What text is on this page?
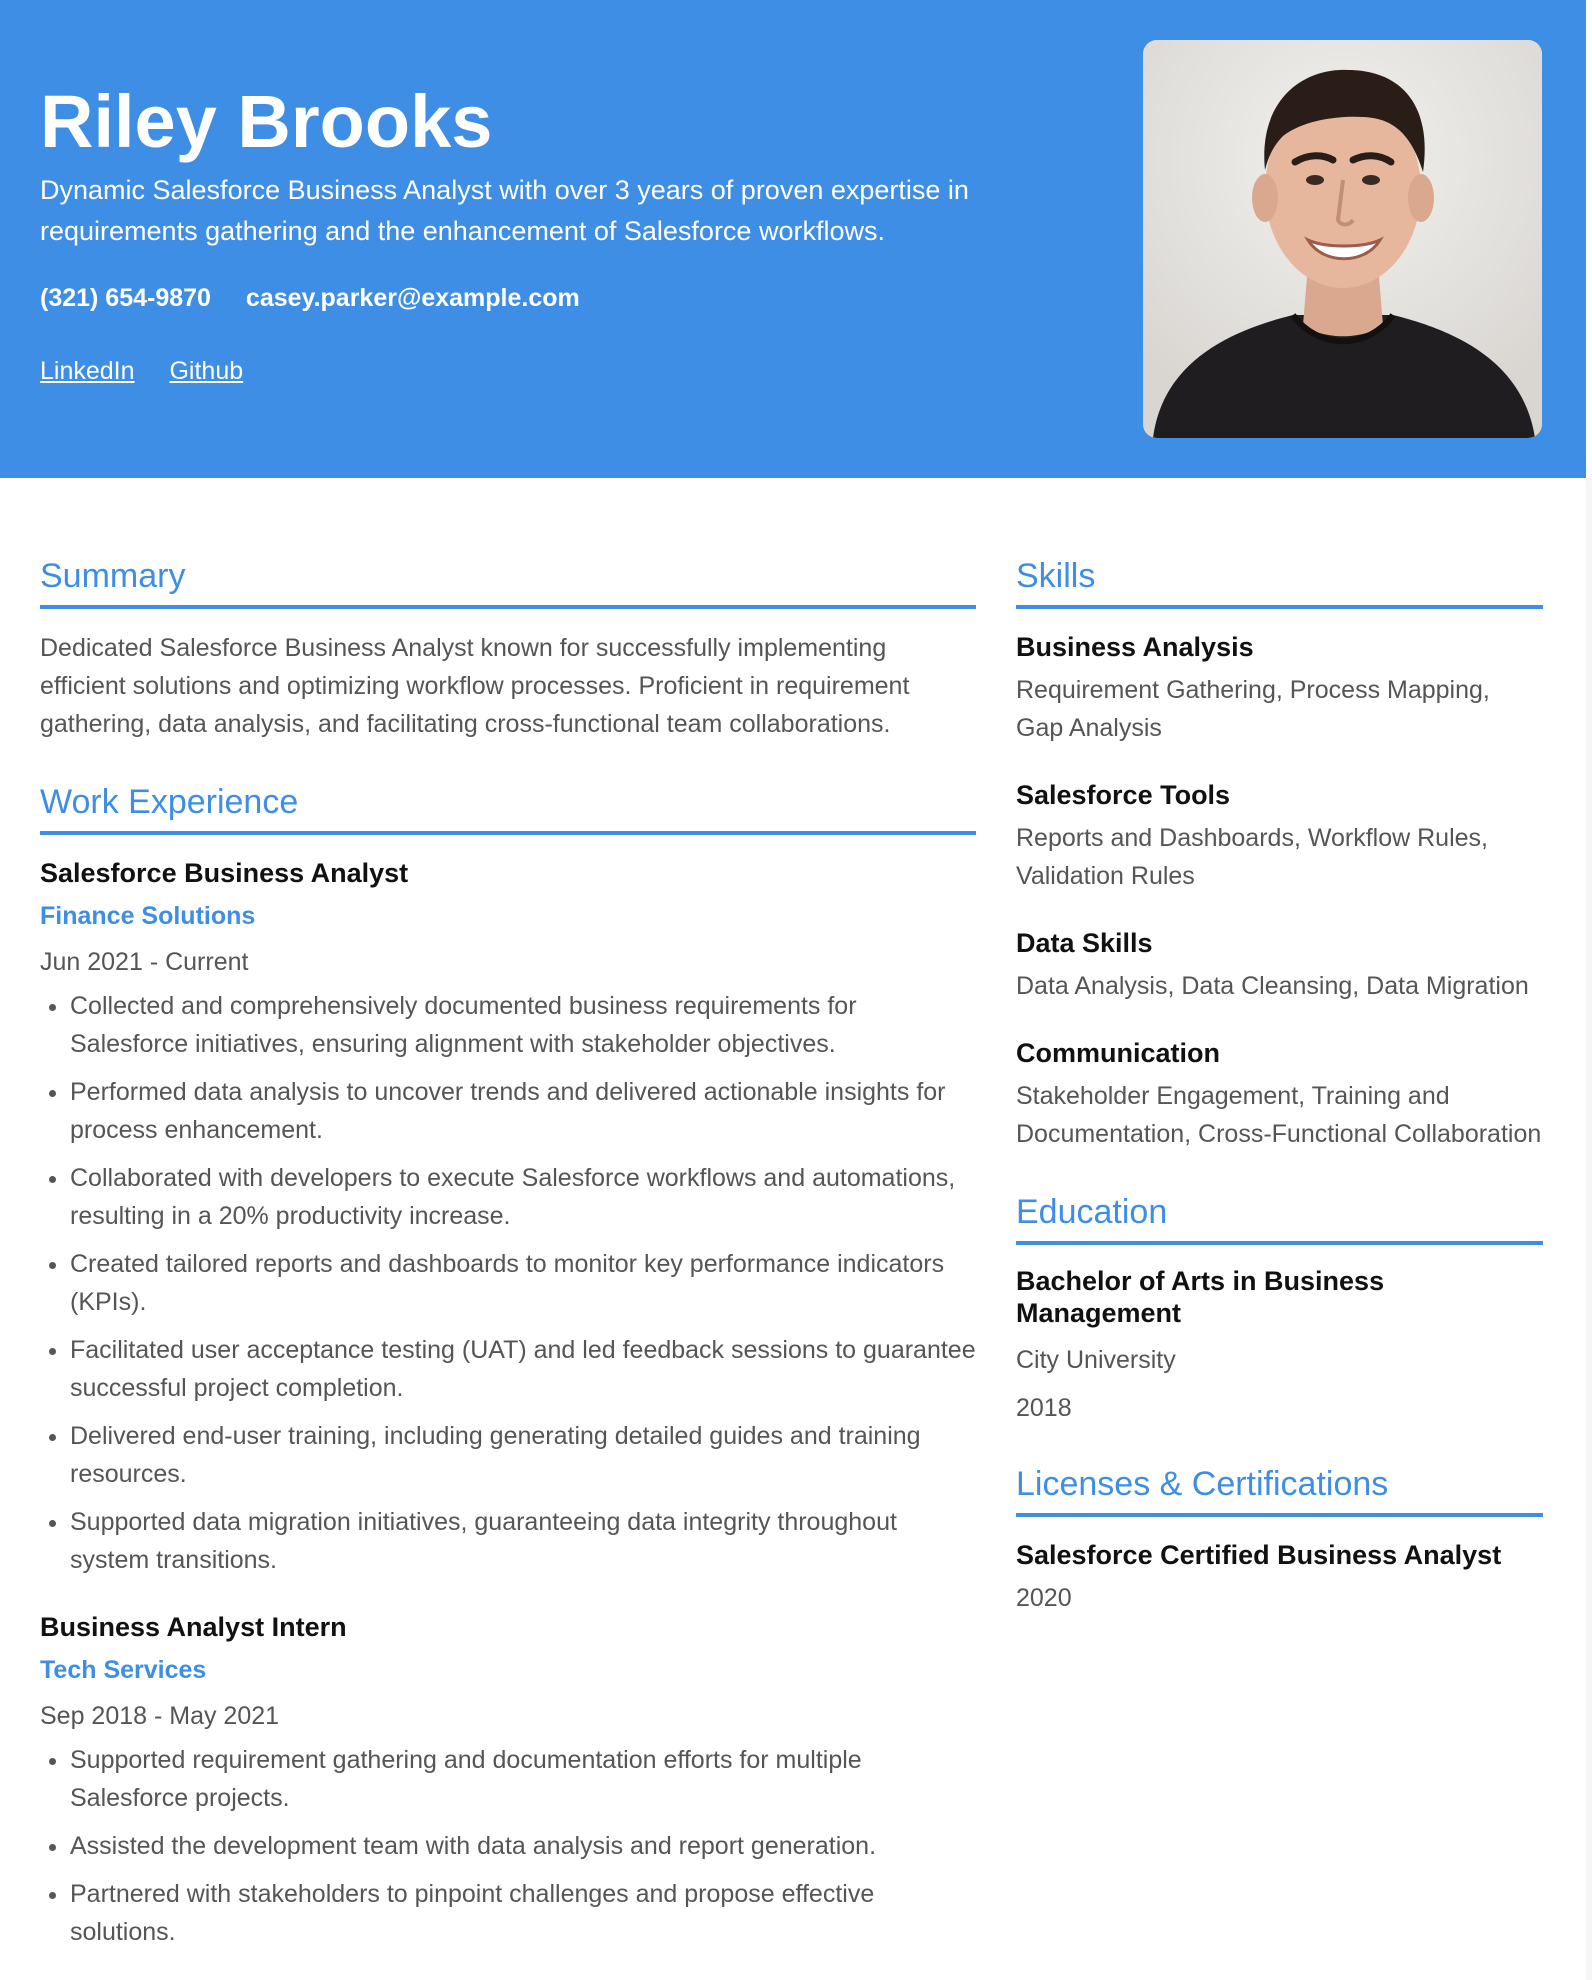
Riley Brooks
Dynamic Salesforce Business Analyst with over 3 years of proven expertise in requirements gathering and the enhancement of Salesforce workflows.
(321) 654-9870 casey.parker@example.com
LinkedIn Github
Summary
Dedicated Salesforce Business Analyst known for successfully implementing efficient solutions and optimizing workflow processes. Proficient in requirement gathering, data analysis, and facilitating cross-functional team collaborations.
Work Experience
Salesforce Business Analyst
Finance Solutions
Jun 2021 - Current
• Collected and comprehensively documented business requirements for Salesforce initiatives, ensuring alignment with stakeholder objectives.
• Performed data analysis to uncover trends and delivered actionable insights for process enhancement.
• Collaborated with developers to execute Salesforce workflows and automations, resulting in a 20% productivity increase.
• Created tailored reports and dashboards to monitor key performance indicators (KPIs).
• Facilitated user acceptance testing (UAT) and led feedback sessions to guarantee successful project completion.
• Delivered end-user training, including generating detailed guides and training resources.
• Supported data migration initiatives, guaranteeing data integrity throughout system transitions.
Business Analyst Intern
Tech Services
Sep 2018 - May 2021
• Supported requirement gathering and documentation efforts for multiple Salesforce projects.
• Assisted the development team with data analysis and report generation.
• Partnered with stakeholders to pinpoint challenges and propose effective solutions.
Skills
Business Analysis
Requirement Gathering, Process Mapping, Gap Analysis
Salesforce Tools
Reports and Dashboards, Workflow Rules, Validation Rules
Data Skills
Data Analysis, Data Cleansing, Data Migration
Communication
Stakeholder Engagement, Training and Documentation, Cross-Functional Collaboration
Education
Bachelor of Arts in Business Management
City University
2018
Licenses & Certifications
Salesforce Certified Business Analyst
2020
